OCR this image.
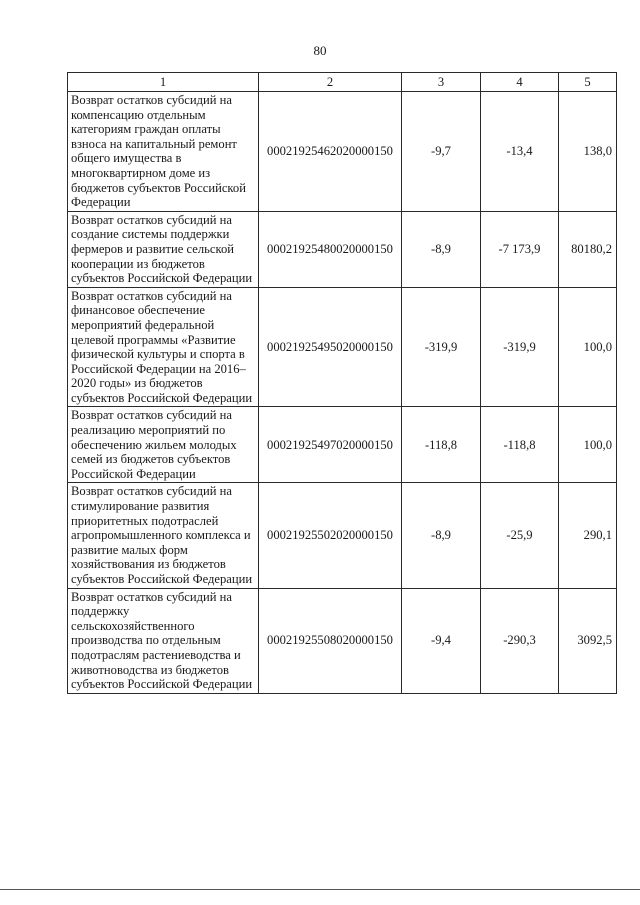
80
1	2	3	4	5
Возврат остатков субсидий на компенсацию отдельным категориям граждан оплаты взноса на капитальный ремонт общего имущества в многоквартирном доме из бюджетов субъектов Российской Федерации	00021925462020000150	-9,7	-13,4	138,0
Возврат остатков субсидий на создание системы поддержки фермеров и развитие сельской кооперации из бюджетов субъектов Российской Федерации	00021925480020000150	-8,9	-7 173,9	80180,2
Возврат остатков субсидий на финансовое обеспечение мероприятий федеральной целевой программы «Развитие физической культуры и спорта в Российской Федерации на 2016–2020 годы» из бюджетов субъектов Российской Федерации	00021925495020000150	-319,9	-319,9	100,0
Возврат остатков субсидий на реализацию мероприятий по обеспечению жильем молодых семей из бюджетов субъектов Российской Федерации	00021925497020000150	-118,8	-118,8	100,0
Возврат остатков субсидий на стимулирование развития приоритетных подотраслей агропромышленного комплекса и развитие малых форм хозяйствования из бюджетов субъектов Российской Федерации	00021925502020000150	-8,9	-25,9	290,1
Возврат остатков субсидий на поддержку сельскохозяйственного производства по отдельным подотраслям растениеводства и животноводства из бюджетов субъектов Российской Федерации	00021925508020000150	-9,4	-290,3	3092,5
